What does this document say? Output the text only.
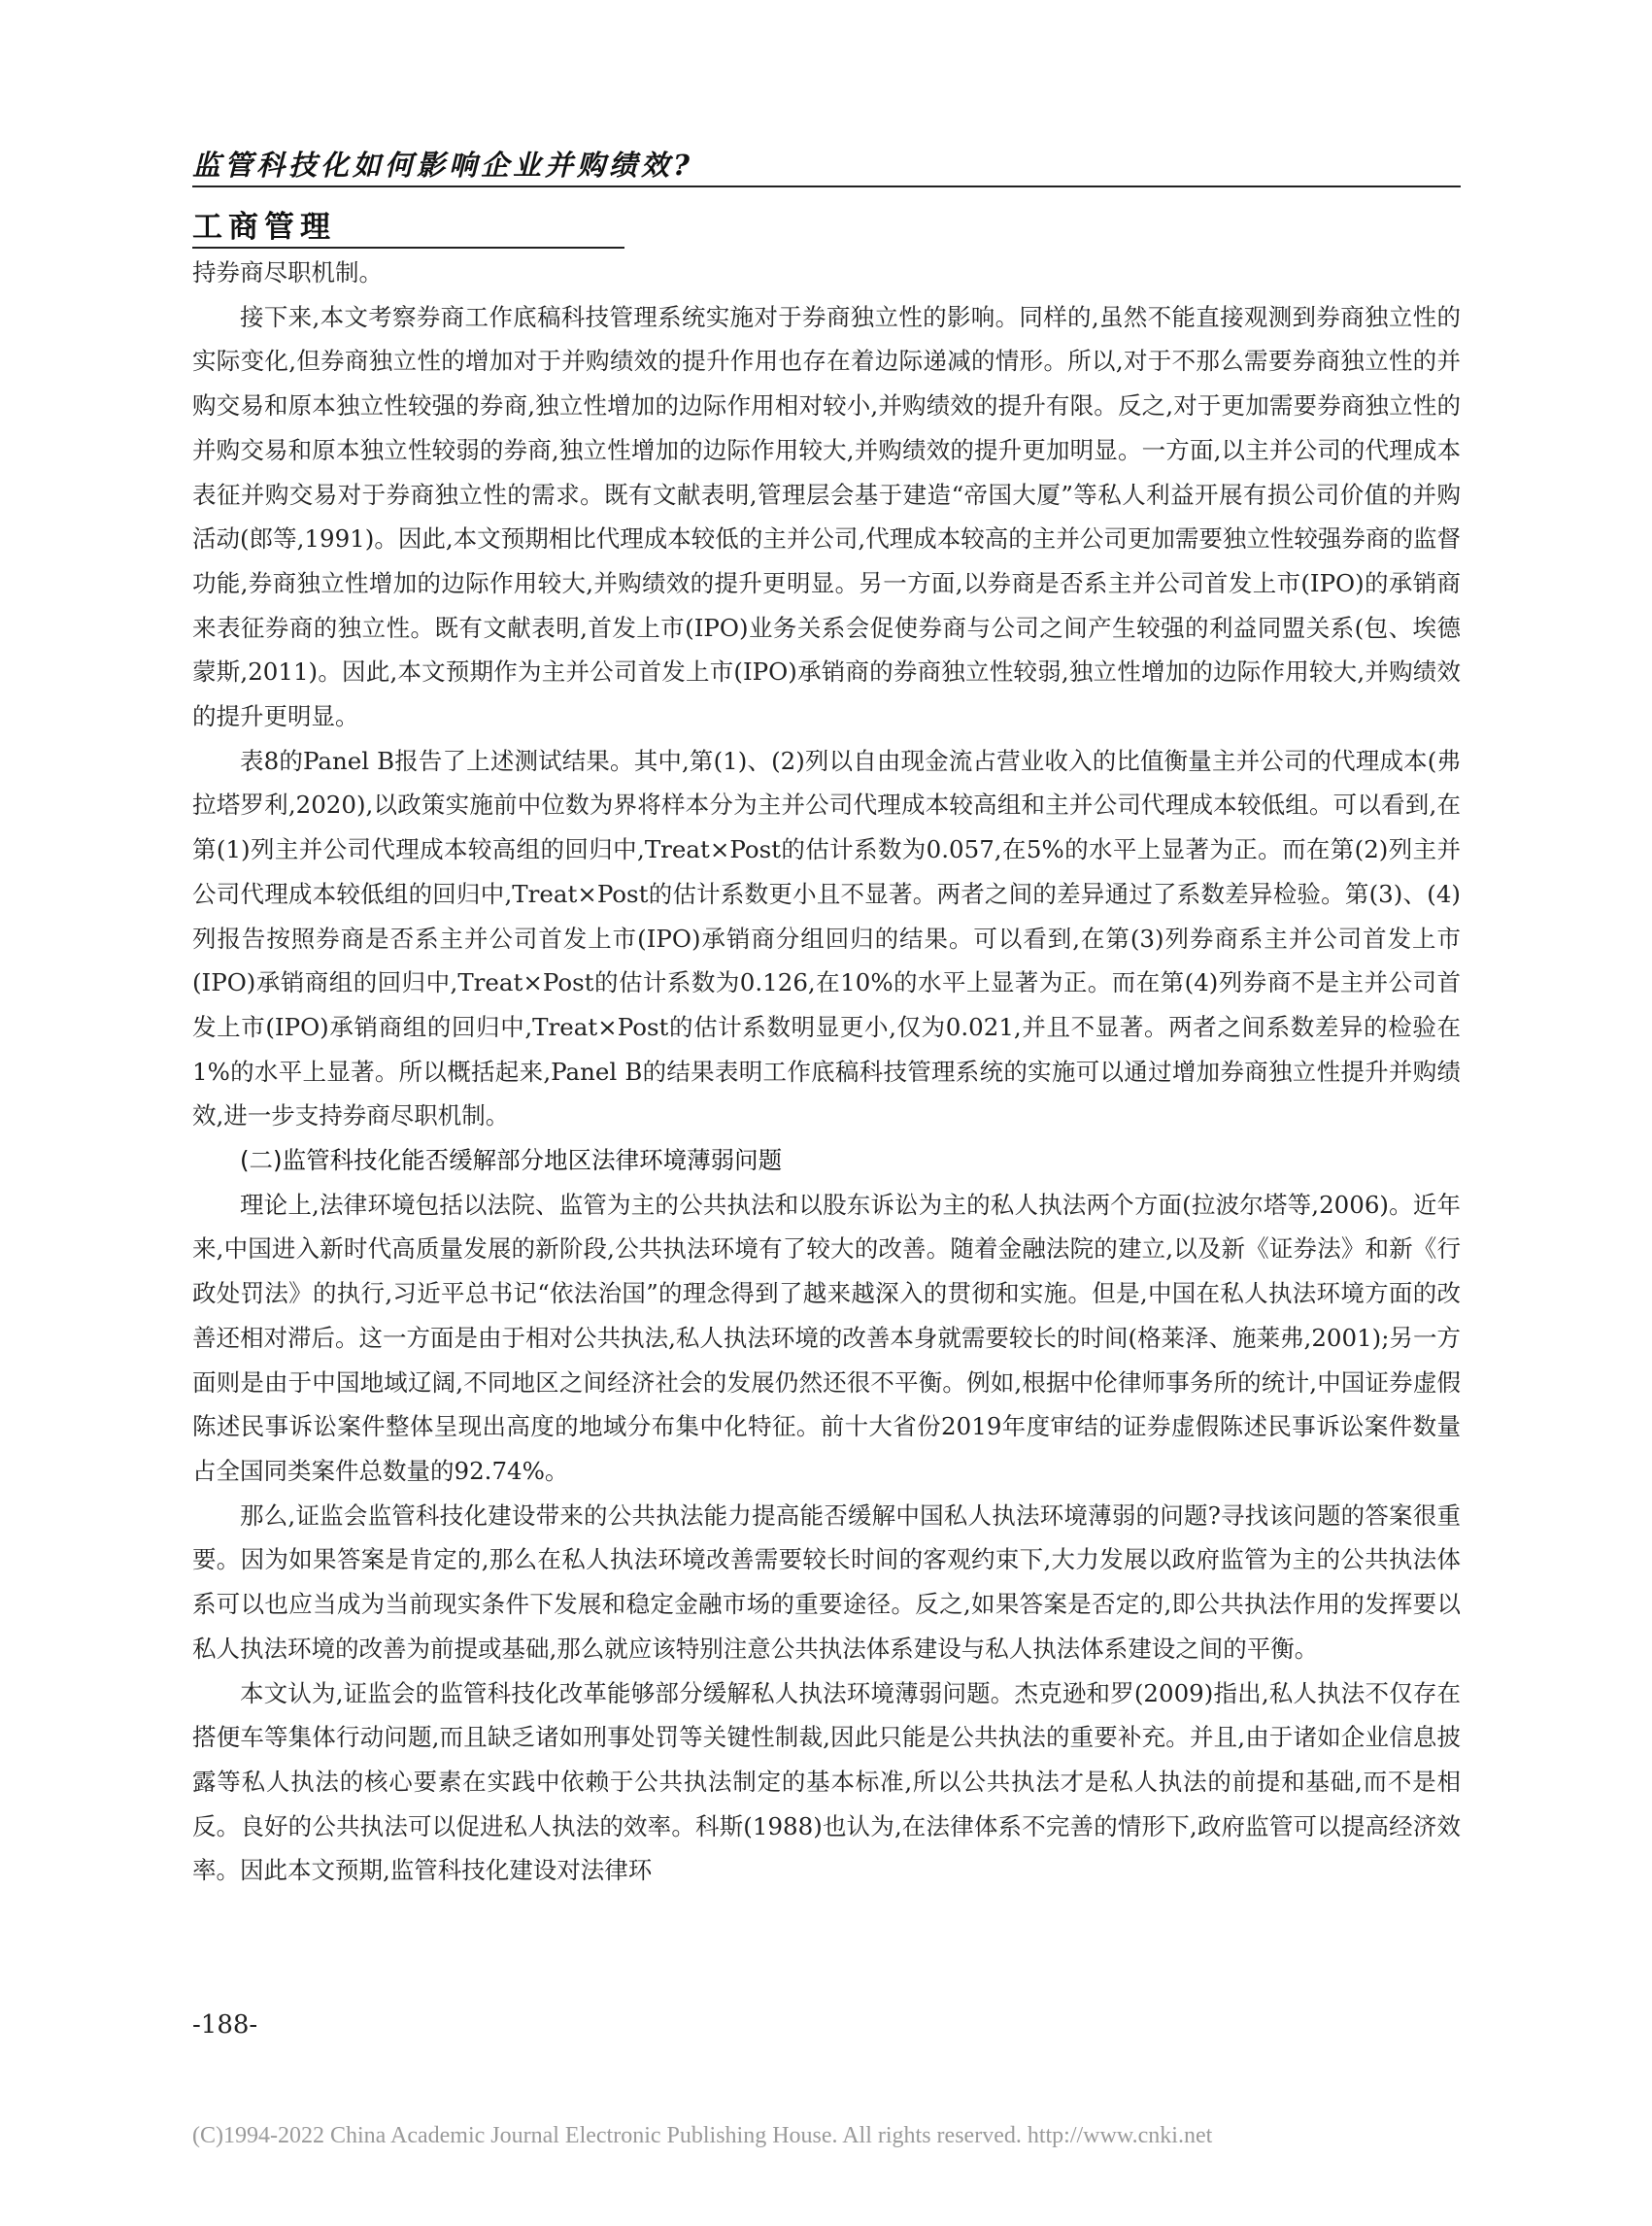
监管科技化如何影响企业并购绩效?
工商管理

持券商尽职机制。

接下来,本文考察券商工作底稿科技管理系统实施对于券商独立性的影响。同样的,虽然不能直接观测到券商独立性的实际变化,但券商独立性的增加对于并购绩效的提升作用也存在着边际递减的情形。所以,对于不那么需要券商独立性的并购交易和原本独立性较强的券商,独立性增加的边际作用相对较小,并购绩效的提升有限。反之,对于更加需要券商独立性的并购交易和原本独立性较弱的券商,独立性增加的边际作用较大,并购绩效的提升更加明显。一方面,以主并公司的代理成本表征并购交易对于券商独立性的需求。既有文献表明,管理层会基于建造“帝国大厦”等私人利益开展有损公司价值的并购活动(郎等,1991)。因此,本文预期相比代理成本较低的主并公司,代理成本较高的主并公司更加需要独立性较强券商的监督功能,券商独立性增加的边际作用较大,并购绩效的提升更明显。另一方面,以券商是否系主并公司首发上市(IPO)的承销商来表征券商的独立性。既有文献表明,首发上市(IPO)业务关系会促使券商与公司之间产生较强的利益同盟关系(包、埃德蒙斯,2011)。因此,本文预期作为主并公司首发上市(IPO)承销商的券商独立性较弱,独立性增加的边际作用较大,并购绩效的提升更明显。

表8的Panel B报告了上述测试结果。其中,第(1)、(2)列以自由现金流占营业收入的比值衡量主并公司的代理成本(弗拉塔罗利,2020),以政策实施前中位数为界将样本分为主并公司代理成本较高组和主并公司代理成本较低组。可以看到,在第(1)列主并公司代理成本较高组的回归中,Treat×Post的估计系数为0.057,在5%的水平上显著为正。而在第(2)列主并公司代理成本较低组的回归中,Treat×Post的估计系数更小且不显著。两者之间的差异通过了系数差异检验。第(3)、(4)列报告按照券商是否系主并公司首发上市(IPO)承销商分组回归的结果。可以看到,在第(3)列券商系主并公司首发上市(IPO)承销商组的回归中,Treat×Post的估计系数为0.126,在10%的水平上显著为正。而在第(4)列券商不是主并公司首发上市(IPO)承销商组的回归中,Treat×Post的估计系数明显更小,仅为0.021,并且不显著。两者之间系数差异的检验在1%的水平上显著。所以概括起来,Panel B的结果表明工作底稿科技管理系统的实施可以通过增加券商独立性提升并购绩效,进一步支持券商尽职机制。

(二)监管科技化能否缓解部分地区法律环境薄弱问题

理论上,法律环境包括以法院、监管为主的公共执法和以股东诉讼为主的私人执法两个方面(拉波尔塔等,2006)。近年来,中国进入新时代高质量发展的新阶段,公共执法环境有了较大的改善。随着金融法院的建立,以及新《证券法》和新《行政处罚法》的执行,习近平总书记“依法治国”的理念得到了越来越深入的贯彻和实施。但是,中国在私人执法环境方面的改善还相对滞后。这一方面是由于相对公共执法,私人执法环境的改善本身就需要较长的时间(格莱泽、施莱弗,2001);另一方面则是由于中国地域辽阔,不同地区之间经济社会的发展仍然还很不平衡。例如,根据中伦律师事务所的统计,中国证券虚假陈述民事诉讼案件整体呈现出高度的地域分布集中化特征。前十大省份2019年度审结的证券虚假陈述民事诉讼案件数量占全国同类案件总数量的92.74%。

那么,证监会监管科技化建设带来的公共执法能力提高能否缓解中国私人执法环境薄弱的问题?寻找该问题的答案很重要。因为如果答案是肯定的,那么在私人执法环境改善需要较长时间的客观约束下,大力发展以政府监管为主的公共执法体系可以也应当成为当前现实条件下发展和稳定金融市场的重要途径。反之,如果答案是否定的,即公共执法作用的发挥要以私人执法环境的改善为前提或基础,那么就应该特别注意公共执法体系建设与私人执法体系建设之间的平衡。

本文认为,证监会的监管科技化改革能够部分缓解私人执法环境薄弱问题。杰克逊和罗(2009)指出,私人执法不仅存在搭便车等集体行动问题,而且缺乏诸如刑事处罚等关键性制裁,因此只能是公共执法的重要补充。并且,由于诸如企业信息披露等私人执法的核心要素在实践中依赖于公共执法制定的基本标准,所以公共执法才是私人执法的前提和基础,而不是相反。良好的公共执法可以促进私人执法的效率。科斯(1988)也认为,在法律体系不完善的情形下,政府监管可以提高经济效率。因此本文预期,监管科技化建设对法律环

-188-
(C)1994-2022 China Academic Journal Electronic Publishing House. All rights reserved. http://www.cnki.net
